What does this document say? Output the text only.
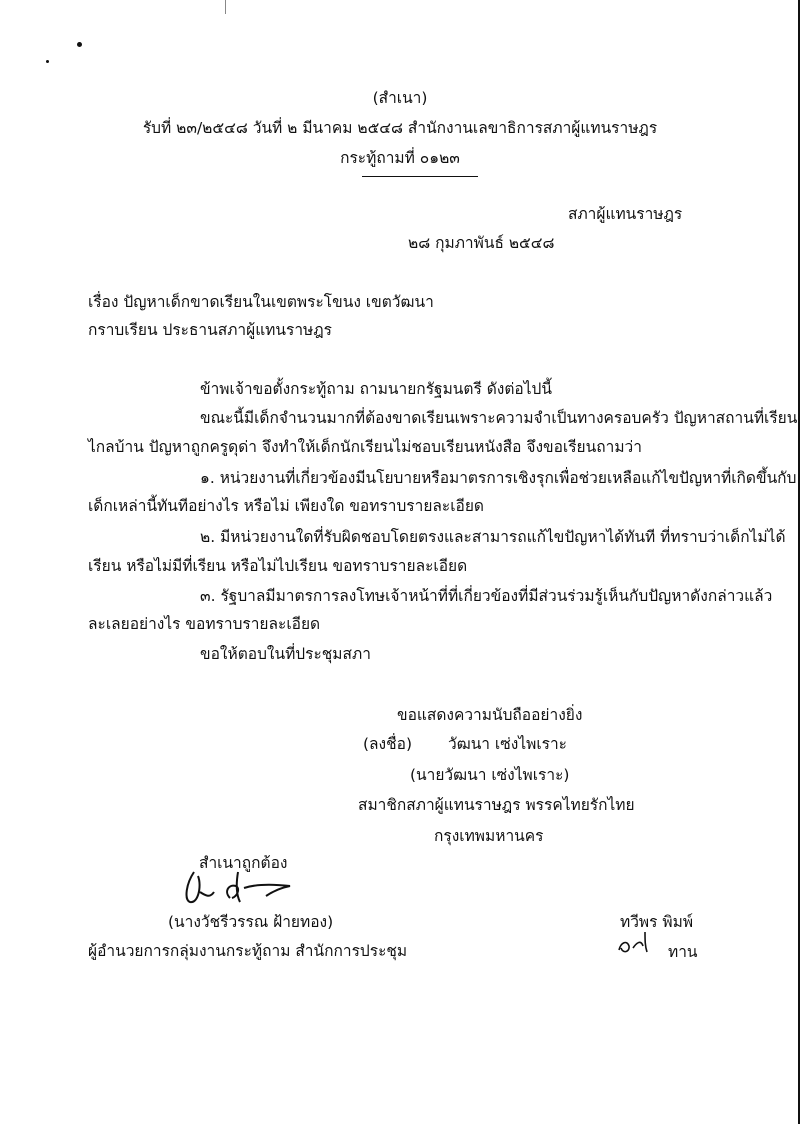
(สำเนา)
รับที่ ๒๓/๒๕๔๘ วันที่ ๒ มีนาคม ๒๕๔๘ สำนักงานเลขาธิการสภาผู้แทนราษฎร
กระทู้ถามที่ ๐๑๒๓
สภาผู้แทนราษฎร
๒๘ กุมภาพันธ์ ๒๕๔๘
เรื่อง ปัญหาเด็กขาดเรียนในเขตพระโขนง เขตวัฒนา
กราบเรียน ประธานสภาผู้แทนราษฎร
ข้าพเจ้าขอตั้งกระทู้ถาม ถามนายกรัฐมนตรี ดังต่อไปนี้
ขณะนี้มีเด็กจำนวนมากที่ต้องขาดเรียนเพราะความจำเป็นทางครอบครัว ปัญหาสถานที่เรียน
ไกลบ้าน ปัญหาถูกครูดุด่า จึงทำให้เด็กนักเรียนไม่ชอบเรียนหนังสือ จึงขอเรียนถามว่า
๑. หน่วยงานที่เกี่ยวข้องมีนโยบายหรือมาตรการเชิงรุกเพื่อช่วยเหลือแก้ไขปัญหาที่เกิดขึ้นกับ
เด็กเหล่านี้ทันทีอย่างไร หรือไม่ เพียงใด ขอทราบรายละเอียด
๒. มีหน่วยงานใดที่รับผิดชอบโดยตรงและสามารถแก้ไขปัญหาได้ทันที ที่ทราบว่าเด็กไม่ได้
เรียน หรือไม่มีที่เรียน หรือไม่ไปเรียน ขอทราบรายละเอียด
๓. รัฐบาลมีมาตรการลงโทษเจ้าหน้าที่ที่เกี่ยวข้องที่มีส่วนร่วมรู้เห็นกับปัญหาดังกล่าวแล้ว
ละเลยอย่างไร ขอทราบรายละเอียด
ขอให้ตอบในที่ประชุมสภา
ขอแสดงความนับถืออย่างยิ่ง
(ลงชื่อ) วัฒนา เซ่งไพเราะ
(นายวัฒนา เซ่งไพเราะ)
สมาชิกสภาผู้แทนราษฎร พรรคไทยรักไทย
กรุงเทพมหานคร
สำเนาถูกต้อง
(นางวัชรีวรรณ ฝ้ายทอง)
ผู้อำนวยการกลุ่มงานกระทู้ถาม สำนักการประชุม
ทวีพร พิมพ์
ทาน
